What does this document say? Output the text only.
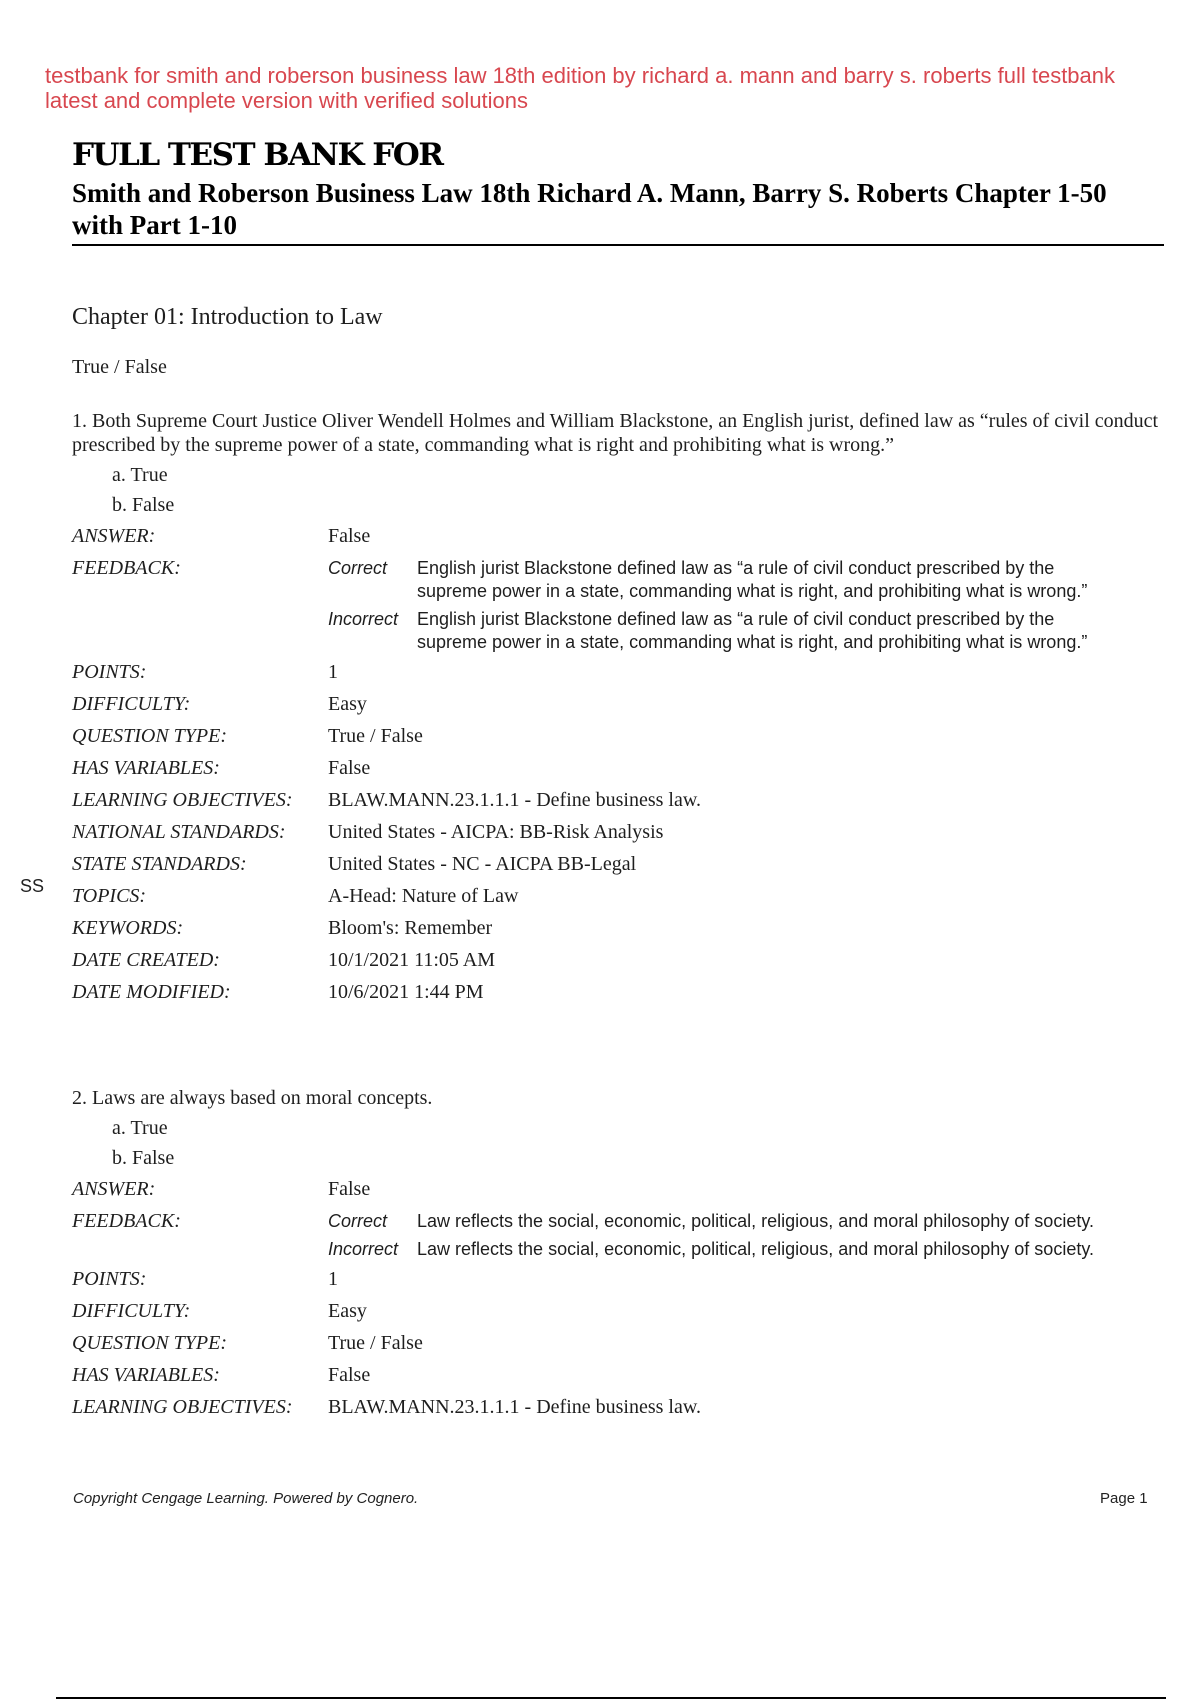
testbank for smith and roberson business law 18th edition by richard a. mann and barry s. roberts full testbank
latest and complete version with verified solutions
FULL TEST BANK FOR
Smith and Roberson Business Law 18th Richard A. Mann, Barry S. Roberts Chapter 1-50
with Part 1-10
Chapter 01: Introduction to Law
True / False
SS
1. Both Supreme Court Justice Oliver Wendell Holmes and William Blackstone, an English jurist, defined law as “rules of civil conduct prescribed by the supreme power of a state, commanding what is right and prohibiting what is wrong.”
a. True
b. False
ANSWER:	False
FEEDBACK:	Correct	English jurist Blackstone defined law as “a rule of civil conduct prescribed by the supreme power in a state, commanding what is right, and prohibiting what is wrong.”
Incorrect	English jurist Blackstone defined law as “a rule of civil conduct prescribed by the supreme power in a state, commanding what is right, and prohibiting what is wrong.”
POINTS:	1
DIFFICULTY:	Easy
QUESTION TYPE:	True / False
HAS VARIABLES:	False
LEARNING OBJECTIVES:	BLAW.MANN.23.1.1.1 - Define business law.
NATIONAL STANDARDS:	United States - AICPA: BB-Risk Analysis
STATE STANDARDS:	United States - NC - AICPA BB-Legal
TOPICS:	A-Head: Nature of Law
KEYWORDS:	Bloom's: Remember
DATE CREATED:	10/1/2021 11:05 AM
DATE MODIFIED:	10/6/2021 1:44 PM
2. Laws are always based on moral concepts.
a. True
b. False
ANSWER:	False
FEEDBACK:	Correct	Law reflects the social, economic, political, religious, and moral philosophy of society.
Incorrect	Law reflects the social, economic, political, religious, and moral philosophy of society.
POINTS:	1
DIFFICULTY:	Easy
QUESTION TYPE:	True / False
HAS VARIABLES:	False
LEARNING OBJECTIVES:	BLAW.MANN.23.1.1.1 - Define business law.
Copyright Cengage Learning. Powered by Cognero.	Page 1
